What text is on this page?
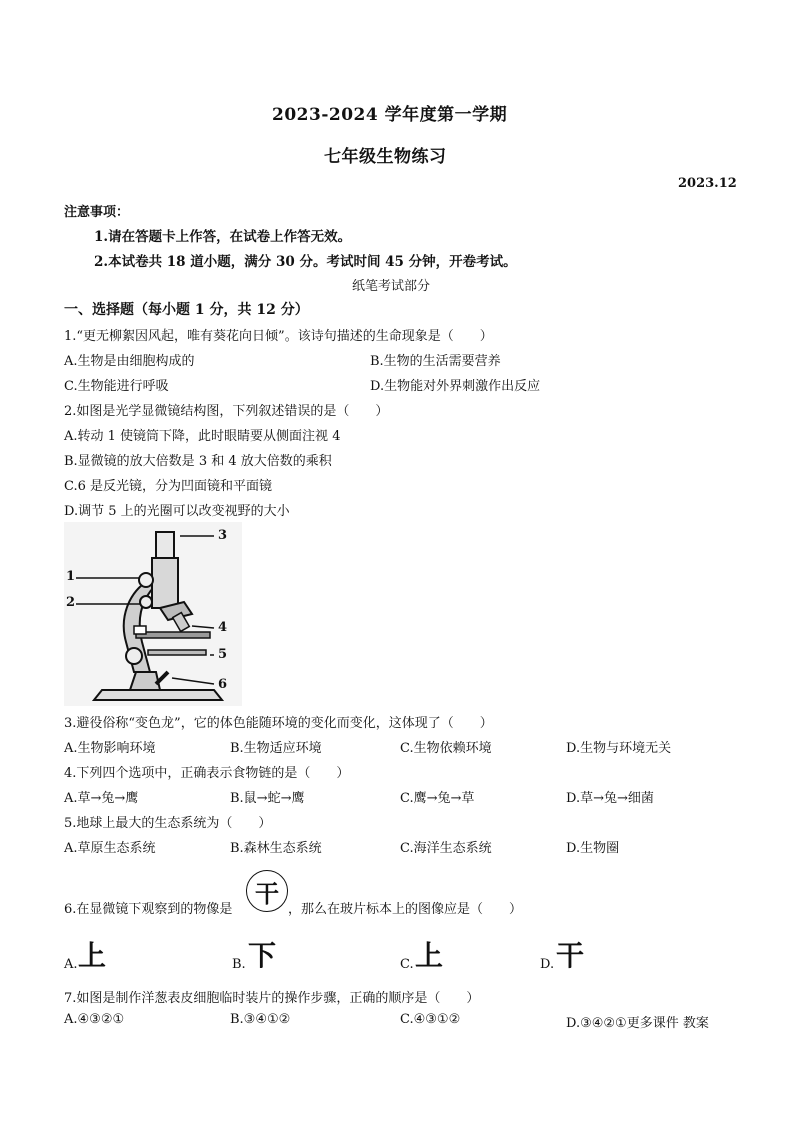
2023-2024 学年度第一学期
七年级生物练习
2023.12
注意事项：
1.请在答题卡上作答，在试卷上作答无效。
2.本试卷共 18 道小题，满分 30 分。考试时间 45 分钟，开卷考试。
纸笔考试部分
一、选择题（每小题 1 分，共 12 分）
1.“更无柳絮因风起，唯有葵花向日倾”。该诗句描述的生命现象是（　　）
A.生物是由细胞构成的	B.生物的生活需要营养
C.生物能进行呼吸	D.生物能对外界刺激作出反应
2.如图是光学显微镜结构图，下列叙述错误的是（　　）
A.转动 1 使镜筒下降，此时眼睛要从侧面注视 4
B.显微镜的放大倍数是 3 和 4 放大倍数的乘积
C.6 是反光镜，分为凹面镜和平面镜
D.调节 5 上的光圈可以改变视野的大小
1
2
3
4
5
6
3.避役俗称“变色龙”，它的体色能随环境的变化而变化，这体现了（　　）
A.生物影响环境	B.生物适应环境	C.生物依赖环境	D.生物与环境无关
4.下列四个选项中，正确表示食物链的是（　　）
A.草→兔→鹰	B.鼠→蛇→鹰	C.鹰→兔→草	D.草→兔→细菌
5.地球上最大的生态系统为（　　）
A.草原生态系统	B.森林生态系统	C.海洋生态系统	D.生物圈
6.在显微镜下观察到的物像是
干
，那么在玻片标本上的图像应是（　　）
A. 上	B. 下	C. 上	D. 干
7.如图是制作洋葱表皮细胞临时装片的操作步骤，正确的顺序是（　　）
A.④③②①	B.③④①②	C.④③①②	D.③④②①更多课件 教案
